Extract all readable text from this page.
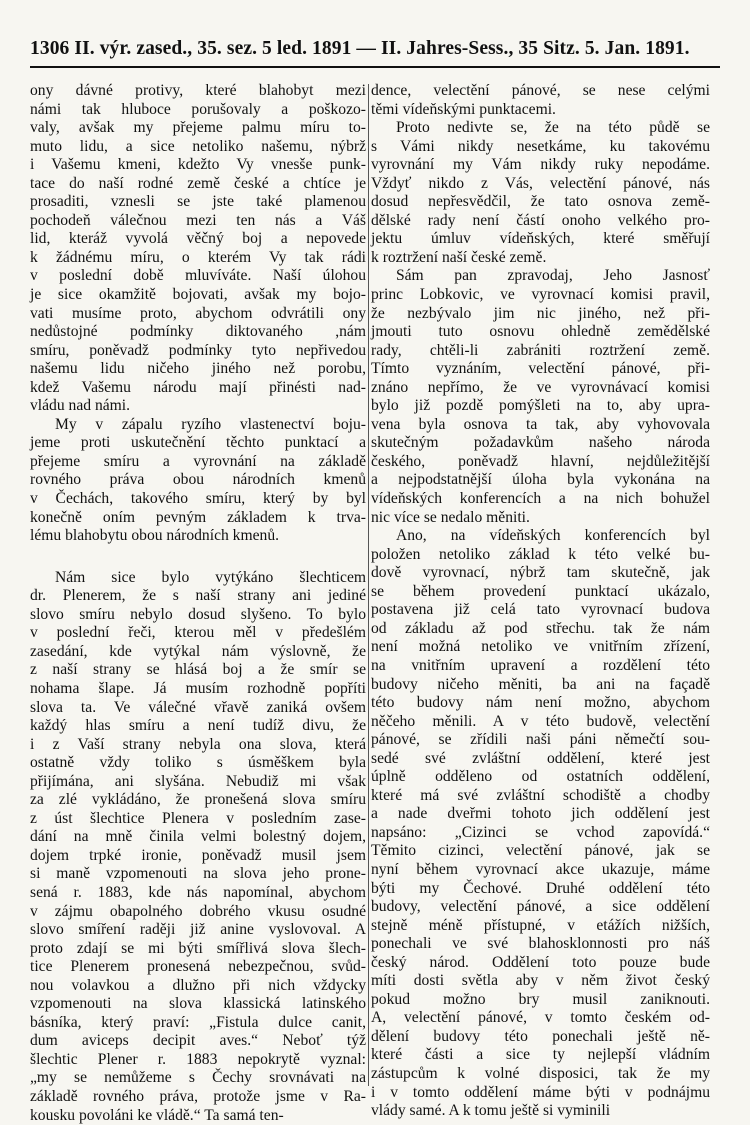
1306 II. výr. zased., 35. sez. 5 led. 1891 — II. Jahres-Sess., 35 Sitz. 5. Jan. 1891.
ony dávné protivy, které blahobyt mezi
námi tak hluboce porušovaly a poškozo-
valy, avšak my přejeme palmu míru to-
muto lidu, a sice netoliko našemu, nýbrž
i Vašemu kmeni, kdežto Vy vnesše punk-
tace do naší rodné země české a chtíce je
prosaditi, vznesli se jste také plamenou
pochodeň válečnou mezi ten nás a Váš
lid, kteráž vyvolá věčný boj a nepovede
k žádnému míru, o kterém Vy tak rádi
v poslední době mluvíváte. Naší úlohou
je sice okamžitě bojovati, avšak my bojo-
vati musíme proto, abychom odvrátili ony
nedůstojné podmínky diktovaného ,nám
smíru, poněvadž podmínky tyto nepřivedou
našemu lidu ničeho jiného než porobu,
kdež Vašemu národu mají přinésti nad-
vládu nad námi.
My v zápalu ryzího vlastenectví boju-
jeme proti uskutečnění těchto punktací a
přejeme smíru a vyrovnání na základě
rovného práva obou národních kmenů
v Čechách, takového smíru, který by byl
konečně oním pevným základem k trva-
lému blahobytu obou národních kmenů.
Nám sice bylo vytýkáno šlechticem
dr. Plenerem, že s naší strany ani jediné
slovo smíru nebylo dosud slyšeno. To bylo
v poslední řeči, kterou měl v předešlém
zasedání, kde vytýkal nám výslovně, že
z naší strany se hlásá boj a že smír se
nohama šlape. Já musím rozhodně popříti
slova ta. Ve válečné vřavě zaniká ovšem
každý hlas smíru a není tudíž divu, že
i z Vaší strany nebyla ona slova, která
ostatně vždy toliko s úsměškem byla
přijímána, ani slyšána. Nebudiž mi však
za zlé vykládáno, že pronešená slova smíru
z úst šlechtice Plenera v posledním zase-
dání na mně činila velmi bolestný dojem,
dojem trpké ironie, poněvadž musil jsem
si maně vzpomenouti na slova jeho prone-
sená r. 1883, kde nás napomínal, abychom
v zájmu obapolného dobrého vkusu osudné
slovo smíření raději již anine vyslovoval. A
proto zdají se mi býti smířlivá slova šlech-
tice Plenerem pronesená nebezpečnou, svůd-
nou volavkou a dlužno při nich vždycky
vzpomenouti na slova klassická latinského
básníka, který praví: „Fistula dulce canit,
dum aviceps decipit aves.“ Neboť týž
šlechtic Plener r. 1883 nepokrytě vyznal:
„my se nemůžeme s Čechy srovnávati na
základě rovného práva, protože jsme v Ra-
kousku povoláni ke vládě.“ Ta samá ten-
dence, velectění pánové, se nese celými
těmi vídeňskými punktacemi.
Proto nedivte se, že na této půdě se
s Vámi nikdy nesetkáme, ku takovému
vyrovnání my Vám nikdy ruky nepodáme.
Vždyť nikdo z Vás, velectění pánové, nás
dosud nepřesvědčil, že tato osnova země-
dělské rady není částí onoho velkého pro-
jektu úmluv vídeňských, které směřují
k roztržení naší české země.
Sám pan zpravodaj, Jeho Jasnosť
princ Lobkovic, ve vyrovnací komisi pravil,
že nezbývalo jim nic jiného, než při-
jmouti tuto osnovu ohledně zemědělské
rady, chtěli-li zabrániti roztržení země.
Tímto vyznáním, velectění pánové, při-
znáno nepřímo, že ve vyrovnávací komisi
bylo již pozdě pomýšleti na to, aby upra-
vena byla osnova ta tak, aby vyhovovala
skutečným požadavkům našeho národa
českého, poněvadž hlavní, nejdůležitější
a nejpodstatnější úloha byla vykonána na
vídeňských konferencích a na nich bohužel
nic více se nedalo měniti.
Ano, na vídeňských konferencích byl
položen netoliko základ k této velké bu-
dově vyrovnací, nýbrž tam skutečně, jak
se během provedení punktací ukázalo,
postavena již celá tato vyrovnací budova
od základu až pod střechu. tak že nám
není možná netoliko ve vnitřním zřízení,
na vnitřním upravení a rozdělení této
budovy ničeho měniti, ba ani na façadě
této budovy nám není možno, abychom
něčeho měnili. A v této budově, velectění
pánové, se zřídili naši páni němečtí sou-
sedé své zvláštní oddělení, které jest
úplně odděleno od ostatních oddělení,
které má své zvláštní schodiště a chodby
a nade dveřmi tohoto jich oddělení jest
napsáno: „Cizinci se vchod zapovídá.“
Těmito cizinci, velectění pánové, jak se
nyní během vyrovnací akce ukazuje, máme
býti my Čechové. Druhé oddělení této
budovy, velectění pánové, a sice oddělení
stejně méně přístupné, v etážích nižších,
ponechali ve své blahosklonnosti pro náš
český národ. Oddělení toto pouze bude
míti dosti světla aby v něm život český
pokud možno bry musil zaniknouti.
A, velectění pánové, v tomto českém od-
dělení budovy této ponechali ještě ně-
které části a sice ty nejlepší vládním
zástupcům k volné disposici, tak že my
i v tomto oddělení máme býti v podnájmu
vlády samé. A k tomu ještě si vyminili
